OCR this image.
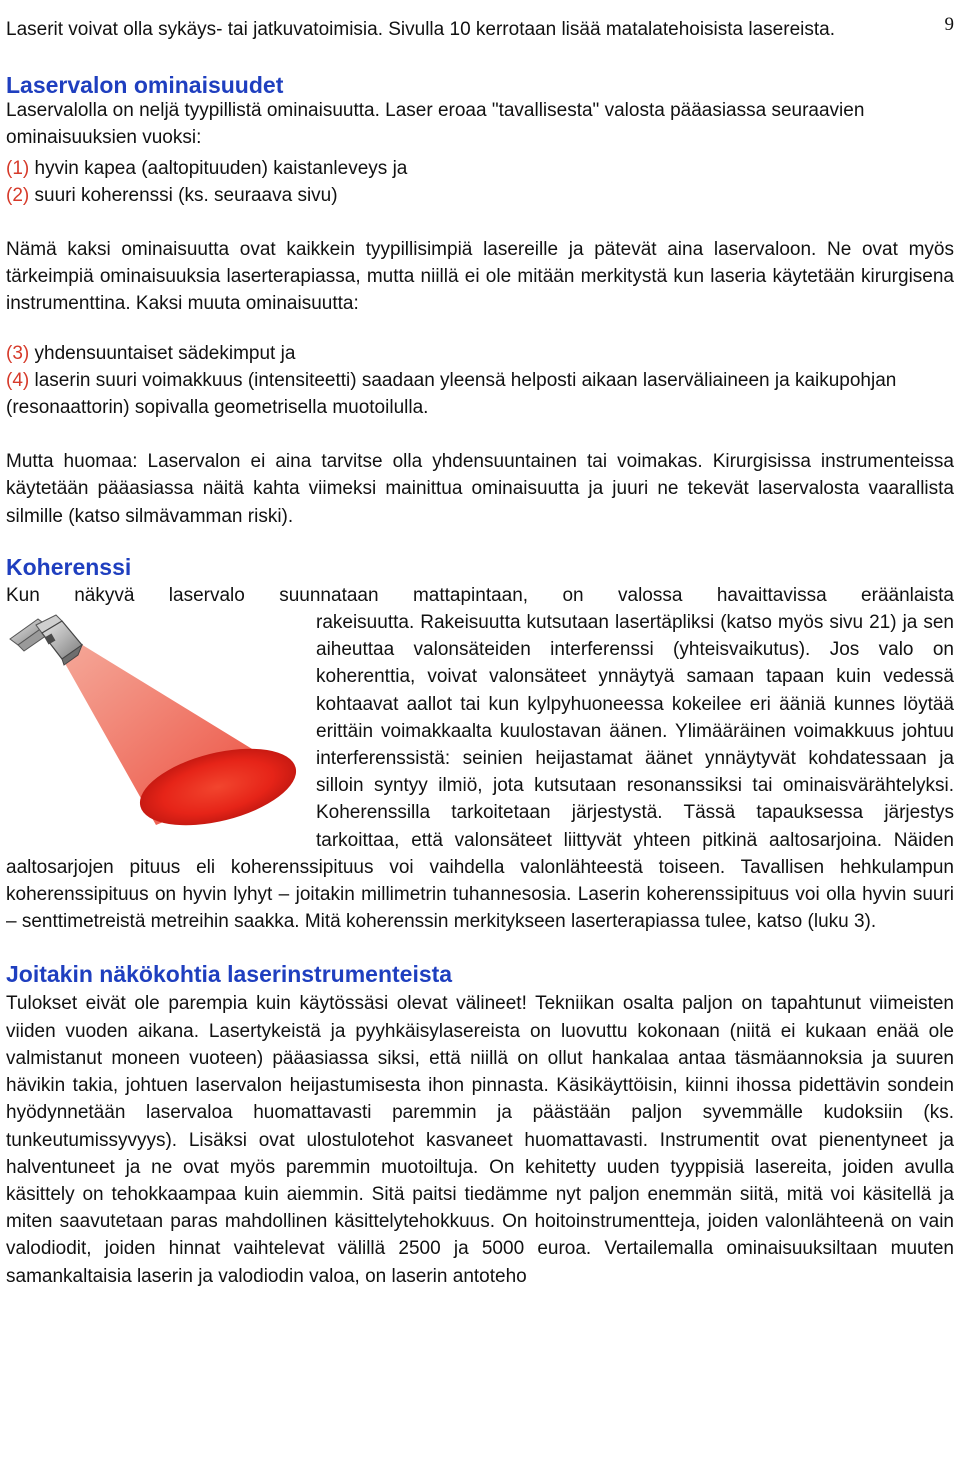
9

Laserit voivat olla sykäys- tai jatkuvatoimisia. Sivulla 10 kerrotaan lisää matalatehoisista lasereista.

Laservalon ominaisuudet

Laservalolla on neljä tyypillistä ominaisuutta. Laser eroaa "tavallisesta" valosta pääasiassa seuraavien ominaisuuksien vuoksi:

(1) hyvin kapea (aaltopituuden) kaistanleveys ja

(2) suuri koherenssi (ks. seuraava sivu)

Nämä kaksi ominaisuutta ovat kaikkein tyypillisimpiä lasereille ja pätevät aina laservaloon. Ne ovat myös tärkeimpiä ominaisuuksia laserterapiassa, mutta niillä ei ole mitään merkitystä kun laseria käytetään kirurgisena instrumenttina. Kaksi muuta ominaisuutta:

(3) yhdensuuntaiset sädekimput ja

(4) laserin suuri voimakkuus (intensiteetti) saadaan yleensä helposti aikaan laserväliaineen ja kaikupohjan (resonaattorin) sopivalla geometrisella muotoilulla.

Mutta huomaa: Laservalon ei aina tarvitse olla yhdensuuntainen tai voimakas. Kirurgisissa instrumenteissa käytetään pääasiassa näitä kahta viimeksi mainittua ominaisuutta ja juuri ne tekevät laservalosta vaarallista silmille (katso silmävamman riski).

Koherenssi

Kun näkyvä laservalo suunnataan mattapintaan, on valossa havaittavissa eräänlaista

rakeisuutta. Rakeisuutta kutsutaan lasertäpliksi (katso myös sivu 21) ja sen aiheuttaa valonsäteiden interferenssi (yhteisvaikutus). Jos valo on koherenttia, voivat valonsäteet ynnäytyä samaan tapaan kuin vedessä kohtaavat aallot tai kun kylpyhuoneessa kokeilee eri ääniä kunnes löytää erittäin voimakkaalta kuulostavan äänen. Ylimääräinen voimakkuus johtuu interferenssistä: seinien heijastamat äänet ynnäytyvät kohdatessaan ja silloin syntyy ilmiö, jota kutsutaan resonanssiksi tai ominaisvärähtelyksi. Koherenssilla tarkoitetaan järjestystä. Tässä tapauksessa järjestys tarkoittaa, että valonsäteet liittyvät yhteen pitkinä aaltosarjoina. Näiden aaltosarjojen pituus eli koherenssipituus voi vaihdella valonlähteestä toiseen. Tavallisen hehkulampun koherenssipituus on hyvin lyhyt – joitakin millimetrin tuhannesosia. Laserin koherenssipituus voi olla hyvin suuri – senttimetreistä metreihin saakka. Mitä koherenssin merkitykseen laserterapiassa tulee, katso (luku 3).

Joitakin näkökohtia laserinstrumenteista

Tulokset eivät ole parempia kuin käytössäsi olevat välineet! Tekniikan osalta paljon on tapahtunut viimeisten viiden vuoden aikana. Lasertykeistä ja pyyhkäisylasereista on luovuttu kokonaan (niitä ei kukaan enää ole valmistanut moneen vuoteen) pääasiassa siksi, että niillä on ollut hankalaa antaa täsmäannoksia ja suuren hävikin takia, johtuen laservalon heijastumisesta ihon pinnasta. Käsikäyttöisin, kiinni ihossa pidettävin sondein hyödynnetään laservaloa huomattavasti paremmin ja päästään paljon syvemmälle kudoksiin (ks. tunkeutumissyvyys). Lisäksi ovat ulostulotehot kasvaneet huomattavasti. Instrumentit ovat pienentyneet ja halventuneet ja ne ovat myös paremmin muotoiltuja. On kehitetty uuden tyyppisiä lasereita, joiden avulla käsittely on tehokkaampaa kuin aiemmin. Sitä paitsi tiedämme nyt paljon enemmän siitä, mitä voi käsitellä ja miten saavutetaan paras mahdollinen käsittelytehokkuus. On hoitoinstrumentteja, joiden valonlähteenä on vain valodiodit, joiden hinnat vaihtelevat välillä 2500 ja 5000 euroa. Vertailemalla ominaisuuksiltaan muuten samankaltaisia laserin ja valodiodin valoa, on laserin antoteho
